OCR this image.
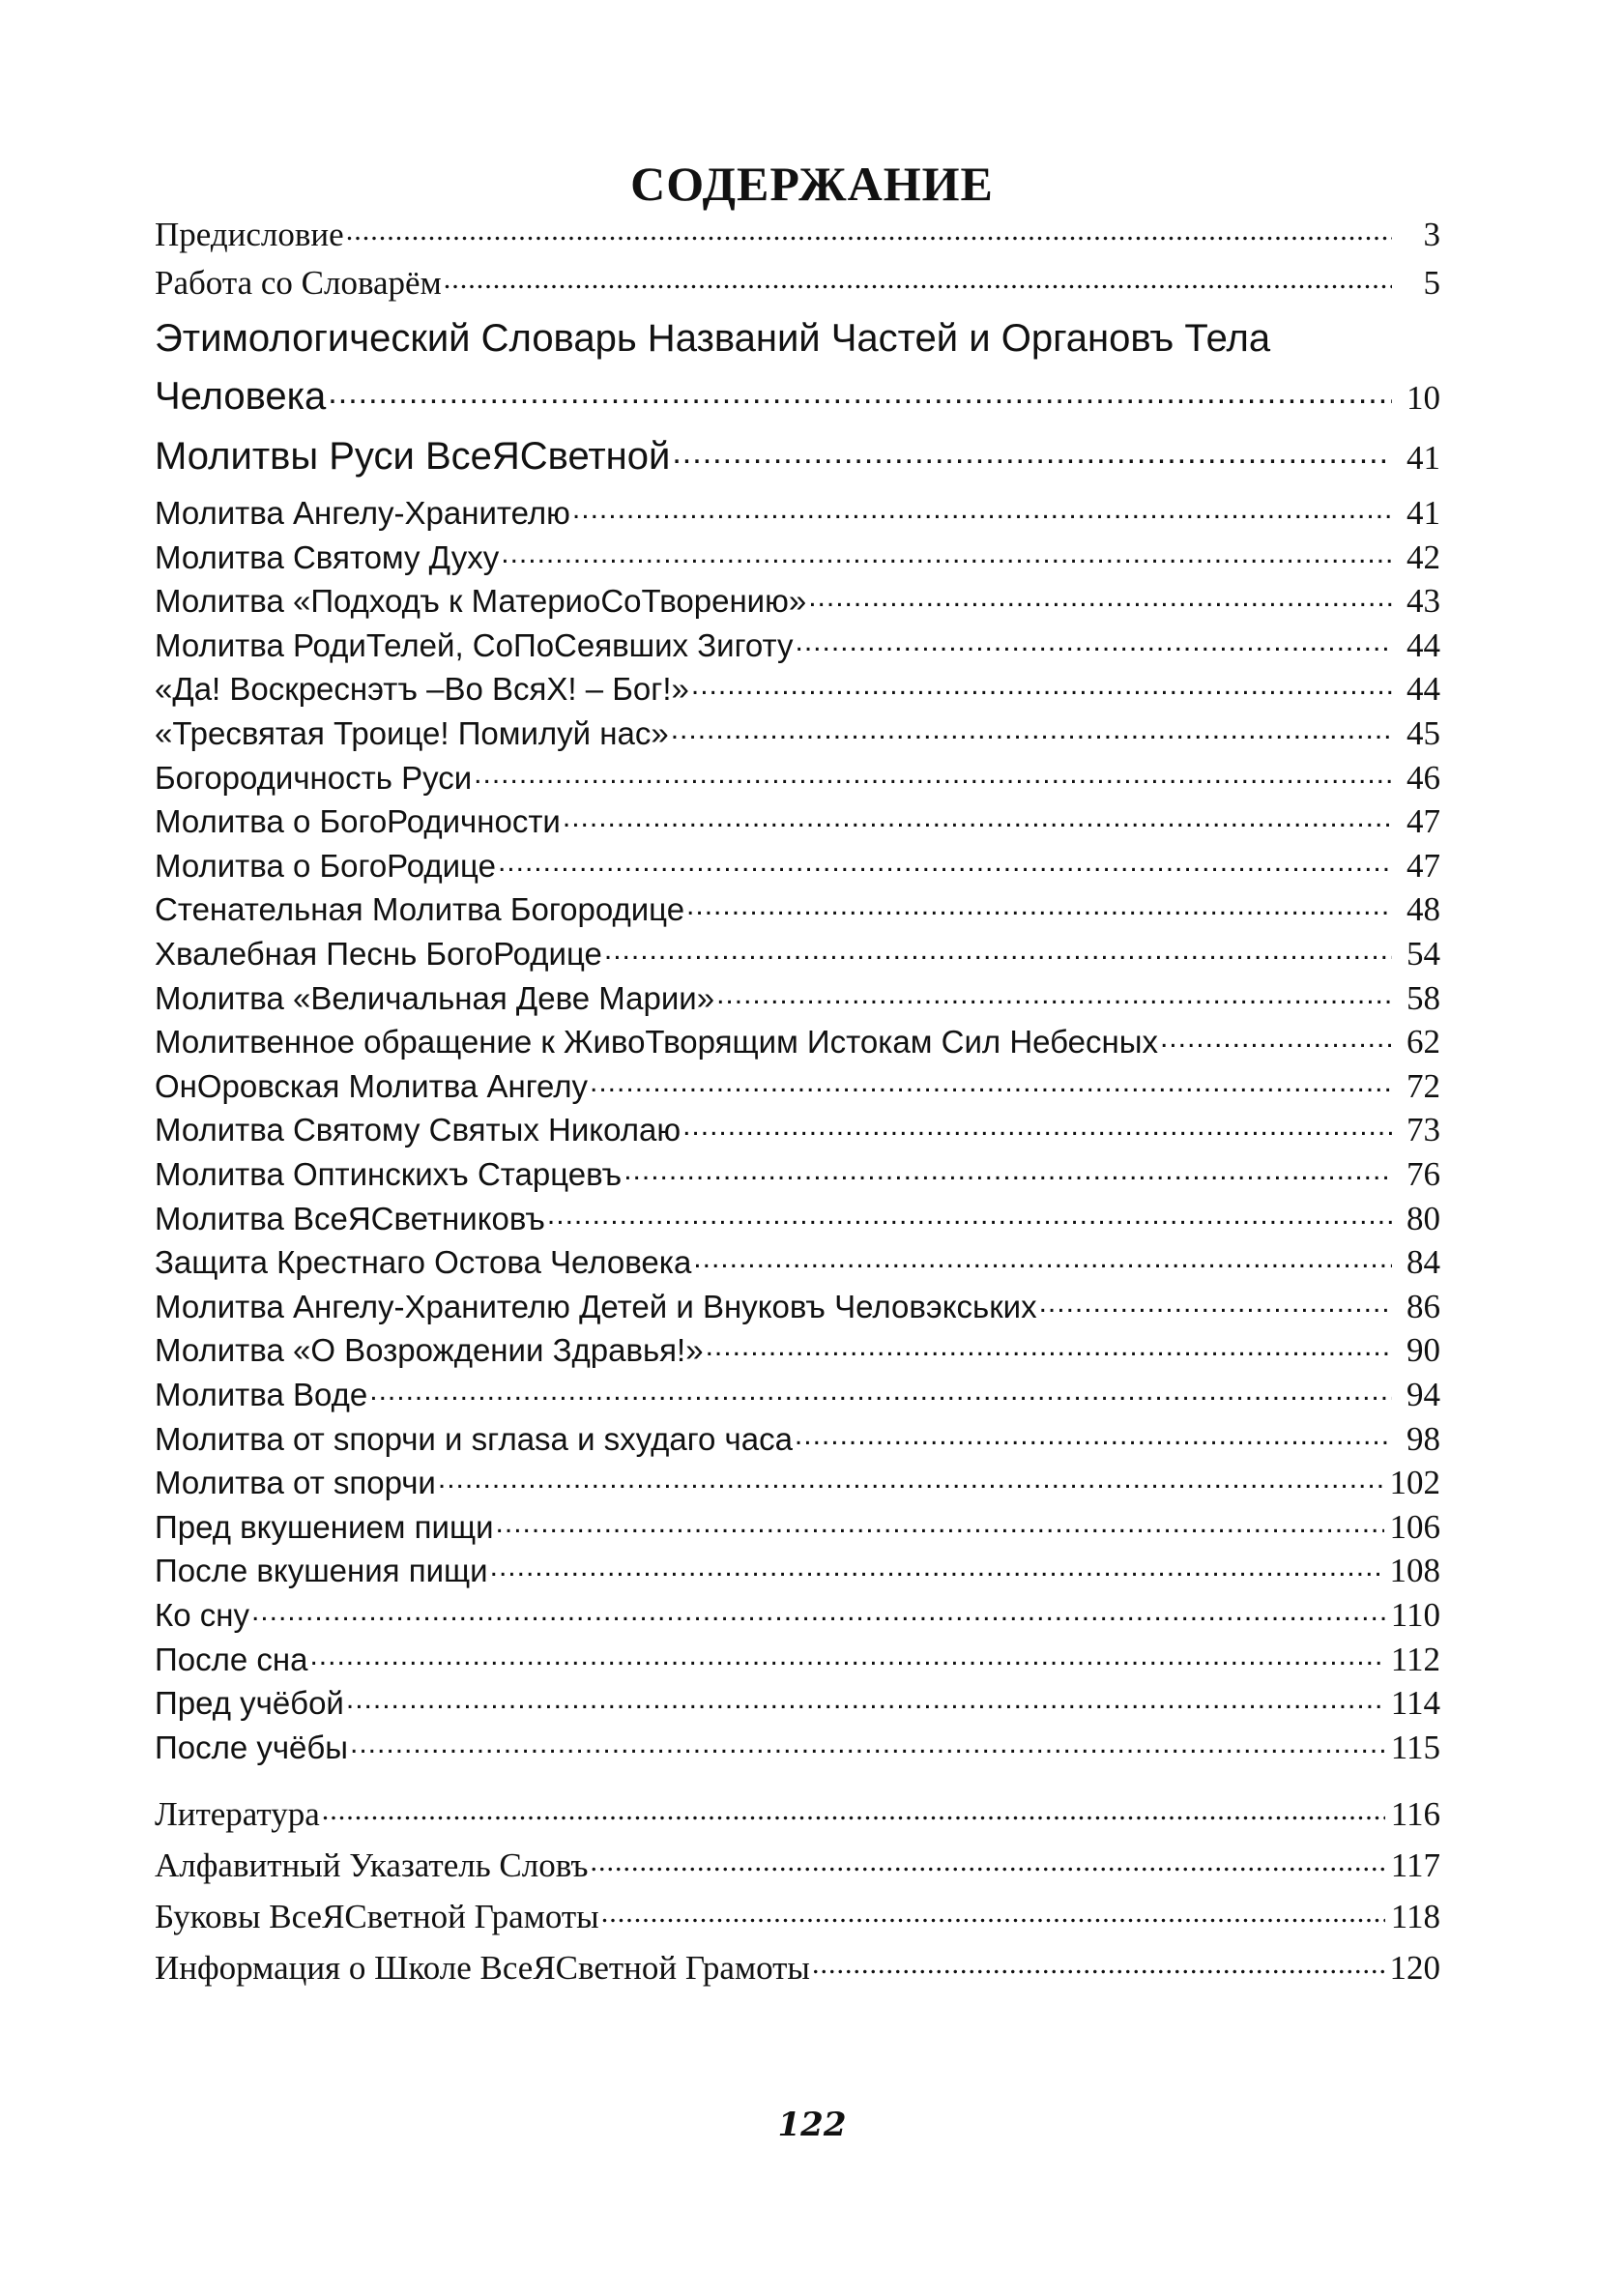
СОДЕРЖАНИЕ
Предисловие .....	3
Работа со Словарём .....	5
Этимологический Словарь Названий Частей и Органовъ Тела
Человека .....	10
Молитвы Руси ВсеЯСветной .....	41
Молитва Ангелу-Хранителю .....	41
Молитва Святому Духу .....	42
Молитва «Подходъ к МатериоСоТворению» .....	43
Молитва РодиТелей, СоПоСеявших Зиготу .....	44
«Да! Воскреснэтъ –Во ВсяХ! – Бог!» .....	44
«Тресвятая Троице! Помилуй нас» .....	45
Богородичность Руси .....	46
Молитва о БогоРодичности .....	47
Молитва о БогоРодице .....	47
Стенательная Молитва Богородице .....	48
Хвалебная Песнь БогоРодице .....	54
Молитва «Величальная Деве Марии» .....	58
Молитвенное обращение к ЖивоТворящим Истокам Сил Небесных .....	62
ОнОровская Молитва Ангелу .....	72
Молитва Святому Святых Николаю .....	73
Молитва Оптинскихъ Старцевъ .....	76
Молитва ВсеЯСветниковъ .....	80
Защита Крестнаго Остова Человека .....	84
Молитва Ангелу-Хранителю Детей и Внуковъ Человэкських .....	86
Молитва «О Возрождении Здравья!» .....	90
Молитва Воде .....	94
Молитва от sпорчи и sглаsа и sхудаго часа .....	98
Молитва от sпорчи .....	102
Пред вкушением пищи .....	106
После вкушения пищи .....	108
Ко сну .....	110
После сна .....	112
Пред учёбой .....	114
После учёбы .....	115
Литература .....	116
Алфавитный Указатель Словъ .....	117
Буковы ВсеЯСветной Грамоты .....	118
Информация о Школе ВсеЯСветной Грамоты .....	120
122
